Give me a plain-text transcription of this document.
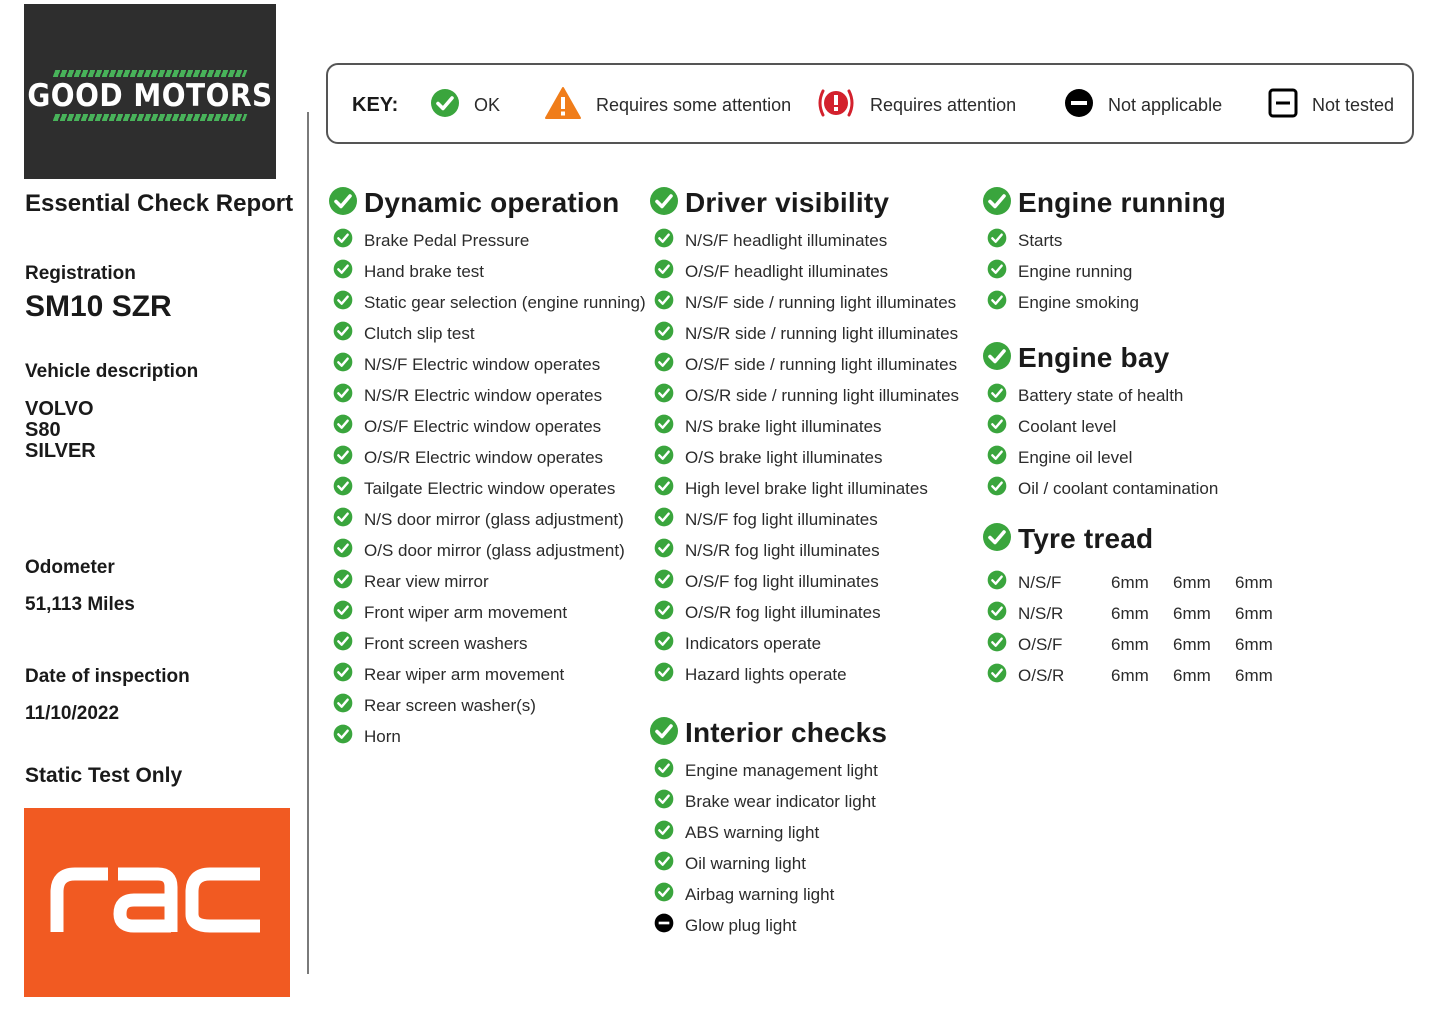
GOOD MOTORS
Essential Check Report
Registration
SM10 SZR
Vehicle description
VOLVO
S80
SILVER
Odometer
51,113 Miles
Date of inspection
11/10/2022
Static Test Only
KEY:	OK	Requires some attention	Requires attention	Not applicable	Not tested
Dynamic operation
Brake Pedal Pressure
Hand brake test
Static gear selection (engine running)
Clutch slip test
N/S/F Electric window operates
N/S/R Electric window operates
O/S/F Electric window operates
O/S/R Electric window operates
Tailgate Electric window operates
N/S door mirror (glass adjustment)
O/S door mirror (glass adjustment)
Rear view mirror
Front wiper arm movement
Front screen washers
Rear wiper arm movement
Rear screen washer(s)
Horn
Driver visibility
N/S/F headlight illuminates
O/S/F headlight illuminates
N/S/F side / running light illuminates
N/S/R side / running light illuminates
O/S/F side / running light illuminates
O/S/R side / running light illuminates
N/S brake light illuminates
O/S brake light illuminates
High level brake light illuminates
N/S/F fog light illuminates
N/S/R fog light illuminates
O/S/F fog light illuminates
O/S/R fog light illuminates
Indicators operate
Hazard lights operate
Interior checks
Engine management light
Brake wear indicator light
ABS warning light
Oil warning light
Airbag warning light
Glow plug light
Engine running
Starts
Engine running
Engine smoking
Engine bay
Battery state of health
Coolant level
Engine oil level
Oil / coolant contamination
Tyre tread
N/S/F	6mm 6mm 6mm
N/S/R	6mm 6mm 6mm
O/S/F	6mm 6mm 6mm
O/S/R	6mm 6mm 6mm
